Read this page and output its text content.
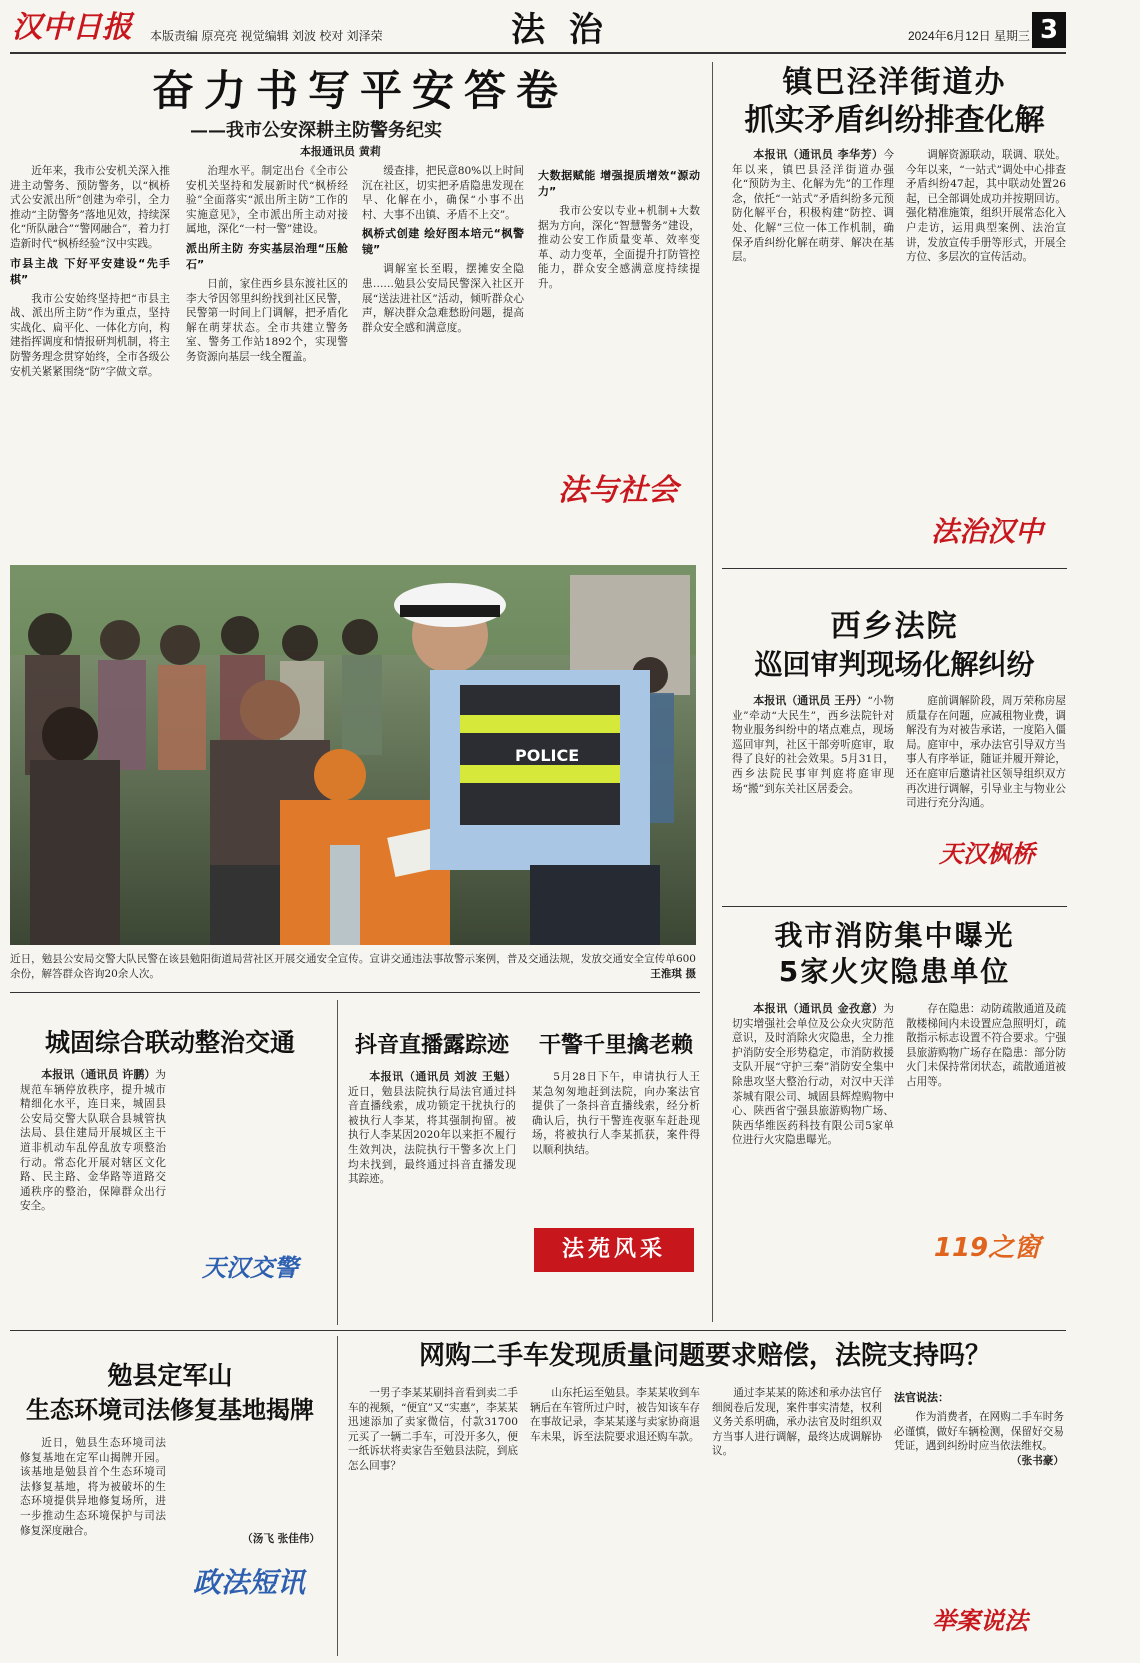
汉中日报 本版责编 原亮亮 视觉编辑 刘波 校对 刘泽荣	法 治	2024年6月12日 星期三 3
奋力书写平安答卷
——我市公安深耕主防警务纪实
本报通讯员 黄莉

近年来，我市公安机关深入推进主动警务、预防警务，以“枫桥式公安派出所”创建为牵引，全力推动“主防警务”落地见效，持续深化“所队融合”“警网融合”，着力打造新时代“枫桥经验”汉中实践。

市县主战 下好平安建设“先手棋”

我市公安始终坚持把“市县主战、派出所主防”作为重点，坚持实战化、扁平化、一体化方向，构建指挥调度和情报研判机制，将主防警务理念贯穿始终，全市各级公安机关紧紧围绕“防”字做文章。

治理水平。制定出台《全市公安机关坚持和发展新时代“枫桥经验”全面落实“派出所主防”工作的实施意见》，全市派出所主动对接属地，深化“一村一警”建设。

派出所主防 夯实基层治理“压舱石”

日前，家住西乡县东渡社区的李大爷因邻里纠纷找到社区民警，民警第一时间上门调解，把矛盾化解在萌芽状态。全市共建立警务室、警务工作站1892个，实现警务资源向基层一线全覆盖。

缓查排，把民意80%以上时间沉在社区，切实把矛盾隐患发现在早、化解在小，确保“小事不出村、大事不出镇、矛盾不上交”。

枫桥式创建 绘好图本培元“枫警镜”

调解室长至暇，摆摊安全隐患……勉县公安局民警深入社区开展“送法进社区”活动，倾听群众心声，解决群众急难愁盼问题，提高群众安全感和满意度。

大数据赋能 增强提质增效“源动力”

我市公安以专业+机制+大数据为方向，深化“智慧警务”建设，推动公安工作质量变革、效率变革、动力变革，全面提升打防管控能力，群众安全感满意度持续提升。

法与社会
POLICE
近日，勉县公安局交警大队民警在该县勉阳街道局营社区开展交通安全宣传。宣讲交通违法事故警示案例，普及交通法规，发放交通安全宣传单600余份，解答群众咨询20余人次。	王淮琪 摄
镇巴泾洋街道办
抓实矛盾纠纷排查化解

本报讯（通讯员 李华芳）今年以来，镇巴县泾洋街道办强化“预防为主、化解为先”的工作理念，依托“一站式”矛盾纠纷多元预防化解平台，积极构建“防控、调处、化解”三位一体工作机制，确保矛盾纠纷化解在萌芽、解决在基层。

调解资源联动，联调、联处。今年以来，“一站式”调处中心排查矛盾纠纷47起，其中联动处置26起，已全部调处成功并按期回访。强化精准施策，组织开展常态化入户走访，运用典型案例、法治宣讲，发放宣传手册等形式，开展全方位、多层次的宣传活动。

法治汉中
西乡法院
巡回审判现场化解纠纷

本报讯（通讯员 王丹）“小物业”牵动“大民生”，西乡法院针对物业服务纠纷中的堵点难点，现场巡回审判，社区干部旁听庭审，取得了良好的社会效果。5月31日，西乡法院民事审判庭将庭审现场“搬”到东关社区居委会。

庭前调解阶段，周万荣称房屋质量存在问题，应减租物业费，调解没有为对被告承诺，一度陷入僵局。庭审中，承办法官引导双方当事人有序举证，随证并履开辩论，还在庭审后邀请社区领导组织双方再次进行调解，引导业主与物业公司进行充分沟通。

天汉枫桥
我市消防集中曝光
5家火灾隐患单位

本报讯（通讯员 金孜意）为切实增强社会单位及公众火灾防范意识，及时消除火灾隐患，全力推护消防安全形势稳定，市消防救援支队开展“守护三秦”消防安全集中除患攻坚大整治行动，对汉中天洋茶城有限公司、城固县辉煌购物中心、陕西省宁强县旅游购物广场、陕西华维医药科技有限公司5家单位进行火灾隐患曝光。

存在隐患：动防疏散通道及疏散楼梯间内未设置应急照明灯，疏散指示标志设置不符合要求。宁强县旅游购物广场存在隐患：部分防火门未保持常闭状态，疏散通道被占用等。

119之窗
城固综合联动整治交通

本报讯（通讯员 许鹏）为规范车辆停放秩序，提升城市精细化水平，连日来，城固县公安局交警大队联合县城管执法局、县住建局开展城区主干道非机动车乱停乱放专项整治行动。常态化开展对辖区文化路、民主路、金华路等道路交通秩序的整治，保障群众出行安全。

天汉交警
抖音直播露踪迹

本报讯（通讯员 刘波 王魁）近日，勉县法院执行局法官通过抖音直播线索，成功锁定干扰执行的被执行人李某，将其强制拘留。被执行人李某因2020年以来拒不履行生效判决，法院执行干警多次上门均未找到，最终通过抖音直播发现其踪迹。

干警千里擒老赖

5月28日下午，申请执行人王某急匆匆地赶到法院，向办案法官提供了一条抖音直播线索，经分析确认后，执行干警连夜驱车赶赴现场，将被执行人李某抓获，案件得以顺利执结。

法苑风采
勉县定军山
生态环境司法修复基地揭牌

近日，勉县生态环境司法修复基地在定军山揭牌开园。该基地是勉县首个生态环境司法修复基地，将为被破坏的生态环境提供异地修复场所，进一步推动生态环境保护与司法修复深度融合。

（汤飞 张佳伟）
政法短讯
网购二手车发现质量问题要求赔偿，法院支持吗？

一男子李某某刷抖音看到卖二手车的视频，“便宜”又“实惠”，李某某迅速添加了卖家微信，付款31700元买了一辆二手车，可没开多久，便一纸诉状将卖家告至勉县法院，到底怎么回事？

山东托运至勉县。李某某收到车辆后在车管所过户时，被告知该车存在事故记录，李某某遂与卖家协商退车未果，诉至法院要求退还购车款。

通过李某某的陈述和承办法官仔细阅卷后发现，案件事实清楚，权利义务关系明确，承办法官及时组织双方当事人进行调解，最终达成调解协议。

法官说法：

作为消费者，在网购二手车时务必谨慎，做好车辆检测，保留好交易凭证，遇到纠纷时应当依法维权。

（张书豪）
举案说法
